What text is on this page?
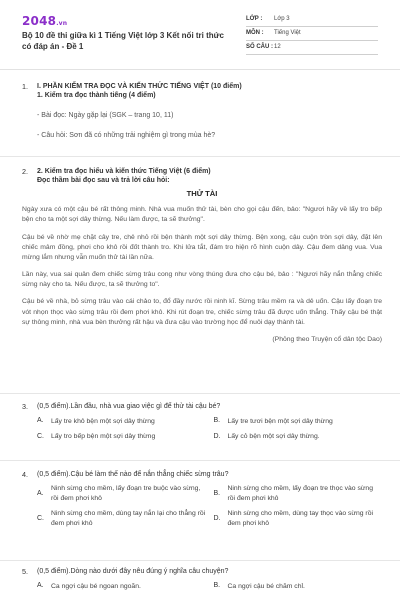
2048.vn
Bộ 10 đề thi giữa kì 1 Tiếng Việt lớp 3 Kết nối tri thức có đáp án - Đề 1
LỚP :	Lớp 3
MÔN :	Tiếng Việt
SỐ CÂU : 12
1. I. PHẦN KIỂM TRA ĐỌC VÀ KIẾN THỨC TIẾNG VIỆT (10 điểm)
1. Kiểm tra đọc thành tiếng (4 điểm)
- Bài đọc: Ngày gặp lại (SGK – trang 10, 11)
- Câu hỏi: Sơn đã có những trải nghiệm gì trong mùa hè?
2. 2. Kiểm tra đọc hiểu và kiến thức Tiếng Việt (6 điểm)
Đọc thầm bài đọc sau và trả lời câu hỏi:
THỬ TÀI
Ngày xưa có một cậu bé rất thông minh. Nhà vua muốn thử tài, bèn cho gọi cậu đến, bảo: "Ngươi hãy về lấy tro bếp bện cho ta một sợi dây thừng. Nếu làm được, ta sẽ thưởng".
Cậu bé về nhờ mẹ chặt cây tre, chẻ nhỏ rồi bện thành một sợi dây thừng. Bện xong, cậu cuộn tròn sợi dây, đặt lên chiếc mâm đồng, phơi cho khô rồi đốt thành tro. Khi lửa tắt, đám tro hiện rõ hình cuộn dây. Cậu đem dâng vua. Vua mừng lắm nhưng vẫn muốn thử tài lần nữa.
Lần này, vua sai quân đem chiếc sừng trâu cong như vòng thúng đưa cho cậu bé, bảo : "Ngươi hãy nắn thẳng chiếc sừng này cho ta. Nếu được, ta sẽ thưởng to".
Cậu bé về nhà, bỏ sừng trâu vào cái chảo to, đổ đầy nước rồi ninh kĩ. Sừng trâu mềm ra và dẻ uốn. Cậu lấy đoạn tre vót nhọn thọc vào sừng trâu rồi đem phơi khô. Khi rút đoạn tre, chiếc sừng trâu đã được uốn thẳng. Thấy cậu bé thật sự thông minh, nhà vua bèn thưởng rất hậu và đưa cậu vào trường học để nuôi dạy thành tài.
(Phỏng theo Truyện cổ dân tộc Dao)
3. (0,5 điểm).Lần đầu, nhà vua giao việc gì để thử tài cậu bé?
A.	Lấy tre khô bện một sợi dây thừng	B.	Lấy tre tươi bện một sợi dây thừng
C.	Lấy tro bếp bện một sợi dây thừng	D.	Lấy cỏ bện một sợi dây thừng.
4. (0,5 điểm).Cậu bé làm thế nào để nắn thẳng chiếc sừng trâu?
A.
Ninh sừng cho mềm, lấy đoạn tre buộc vào sừng, rồi đem phơi khô
B.
Ninh sừng cho mềm, lấy đoạn tre thọc vào sừng rồi đem phơi khô
C.
Ninh sừng cho mềm, dùng tay nắn lại cho thẳng rồi đem phơi khô
D.
Ninh sừng cho mềm, dùng tay thọc vào sừng rồi đem phơi khô
5. (0,5 điểm).Dòng nào dưới đây nêu đúng ý nghĩa câu chuyện?
A.	Ca ngợi cậu bé ngoan ngoãn.	B.	Ca ngợi cậu bé chăm chỉ.
